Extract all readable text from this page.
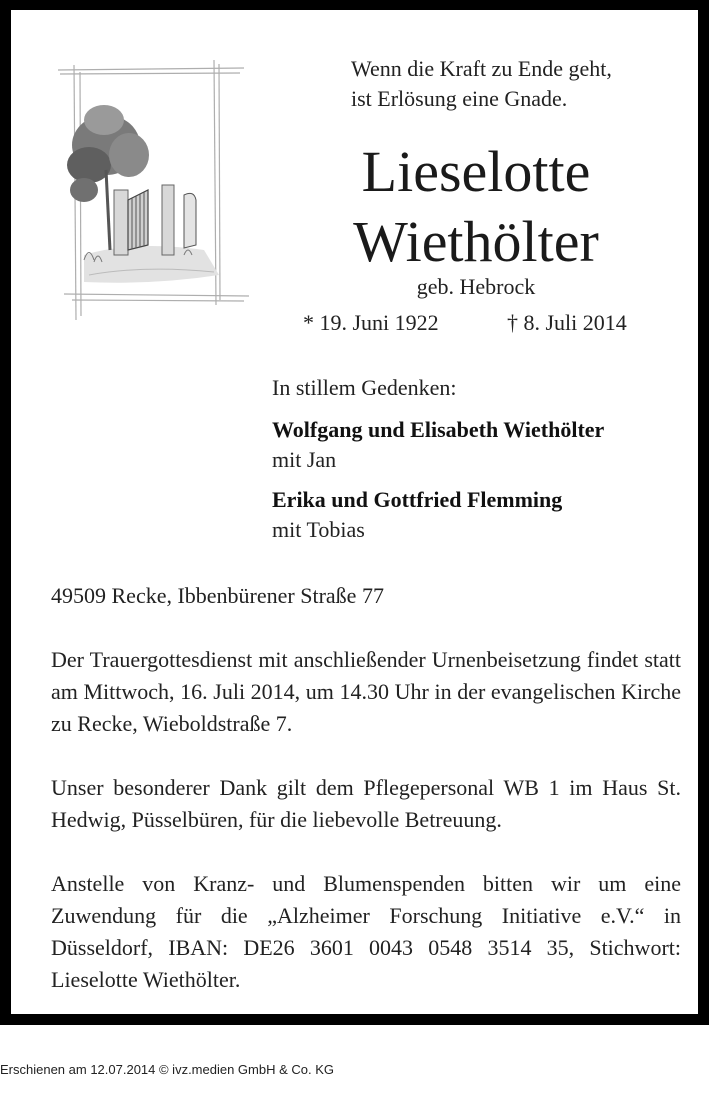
Wenn die Kraft zu Ende geht,
ist Erlösung eine Gnade.
Lieselotte
Wiethölter
geb. Hebrock
* 19. Juni 1922	† 8. Juli 2014
In stillem Gedenken:
Wolfgang und Elisabeth Wiethölter
mit Jan
Erika und Gottfried Flemming
mit Tobias
49509 Recke, Ibbenbürener Straße 77
Der Trauergottesdienst mit anschließender Urnenbeisetzung findet statt am Mittwoch, 16. Juli 2014, um 14.30 Uhr in der evangelischen Kirche zu Recke, Wieboldstraße 7.
Unser besonderer Dank gilt dem Pflegepersonal WB 1 im Haus St. Hedwig, Püsselbüren, für die liebevolle Betreuung.
Anstelle von Kranz- und Blumenspenden bitten wir um eine Zuwendung für die „Alzheimer Forschung Initiative e.V.“ in Düsseldorf, IBAN: DE26 3601 0043 0548 3514 35, Stichwort: Lieselotte Wiethölter.
Erschienen am 12.07.2014 © ivz.medien GmbH & Co. KG
